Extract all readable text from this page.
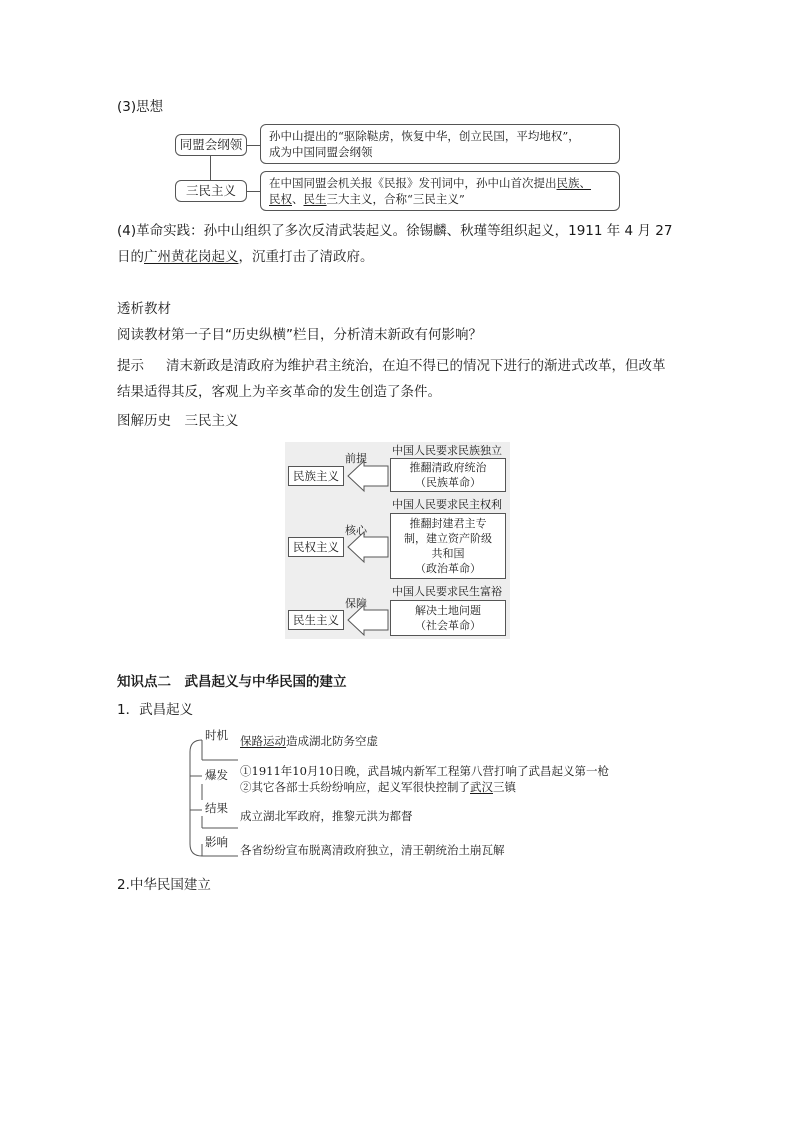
(3)思想
同盟会纲领
孙中山提出的“驱除鞑虏，恢复中华，创立民国，平均地权”，
成为中国同盟会纲领
三民主义	在中国同盟会机关报《民报》发刊词中，孙中山首次提出民族、
民权、民生三大主义，合称“三民主义”
(4)革命实践：孙中山组织了多次反清武装起义。徐锡麟、秋瑾等组织起义，1911 年 4 月 27
日的广州黄花岗起义，沉重打击了清政府。
透析教材
阅读教材第一子目“历史纵横”栏目，分析清末新政有何影响？
提示 清末新政是清政府为维护君主统治，在迫不得已的情况下进行的渐进式改革，但改革
结果适得其反，客观上为辛亥革命的发生创造了条件。
图解历史　三民主义
中国人民要求民族独立
前提
民族主义
推翻清政府统治
（民族革命）
中国人民要求民主权利
核心
民权主义
推翻封建君主专
制，建立资产阶级
共和国
（政治革命）
中国人民要求民生富裕
保障
民生主义
解决土地问题
（社会革命）
知识点二　武昌起义与中华民国的建立
1．武昌起义
时机 保路运动造成湖北防务空虚
爆发 ①1911年10月10日晚，武昌城内新军工程第八营打响了武昌起义第一枪
②其它各部士兵纷纷响应，起义军很快控制了武汉三镇
结果
成立湖北军政府，推黎元洪为都督
影响
各省纷纷宣布脱离清政府独立，清王朝统治土崩瓦解
2.中华民国建立
